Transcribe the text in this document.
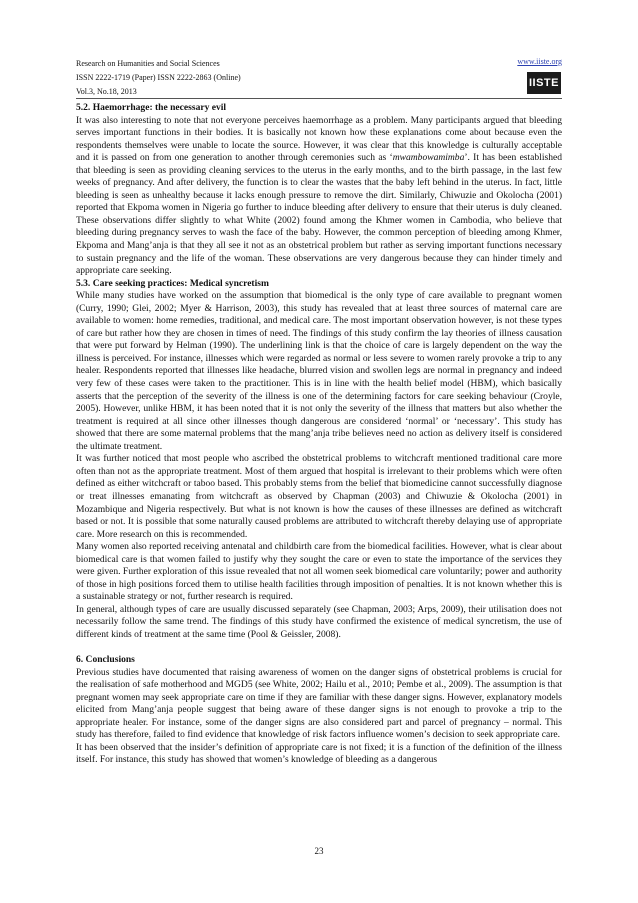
Research on Humanities and Social Sciences
ISSN 2222-1719 (Paper) ISSN 2222-2863 (Online)
Vol.3, No.18, 2013
www.iiste.org
IISTE
5.2. Haemorrhage: the necessary evil

It was also interesting to note that not everyone perceives haemorrhage as a problem. Many participants argued that bleeding serves important functions in their bodies. It is basically not known how these explanations come about because even the respondents themselves were unable to locate the source. However, it was clear that this knowledge is culturally acceptable and it is passed on from one generation to another through ceremonies such as ‘mwambowamimba’. It has been established that bleeding is seen as providing cleaning services to the uterus in the early months, and to the birth passage, in the last few weeks of pregnancy. And after delivery, the function is to clear the wastes that the baby left behind in the uterus. In fact, little bleeding is seen as unhealthy because it lacks enough pressure to remove the dirt. Similarly, Chiwuzie and Okolocha (2001) reported that Ekpoma women in Nigeria go further to induce bleeding after delivery to ensure that their uterus is duly cleaned. These observations differ slightly to what White (2002) found among the Khmer women in Cambodia, who believe that bleeding during pregnancy serves to wash the face of the baby. However, the common perception of bleeding among Khmer, Ekpoma and Mang’anja is that they all see it not as an obstetrical problem but rather as serving important functions necessary to sustain pregnancy and the life of the woman. These observations are very dangerous because they can hinder timely and appropriate care seeking.

5.3. Care seeking practices: Medical syncretism

While many studies have worked on the assumption that biomedical is the only type of care available to pregnant women (Curry, 1990; Glei, 2002; Myer & Harrison, 2003), this study has revealed that at least three sources of maternal care are available to women: home remedies, traditional, and medical care. The most important observation however, is not these types of care but rather how they are chosen in times of need. The findings of this study confirm the lay theories of illness causation that were put forward by Helman (1990). The underlining link is that the choice of care is largely dependent on the way the illness is perceived. For instance, illnesses which were regarded as normal or less severe to women rarely provoke a trip to any healer. Respondents reported that illnesses like headache, blurred vision and swollen legs are normal in pregnancy and indeed very few of these cases were taken to the practitioner. This is in line with the health belief model (HBM), which basically asserts that the perception of the severity of the illness is one of the determining factors for care seeking behaviour (Croyle, 2005). However, unlike HBM, it has been noted that it is not only the severity of the illness that matters but also whether the treatment is required at all since other illnesses though dangerous are considered ‘normal’ or ‘necessary’. This study has showed that there are some maternal problems that the mang’anja tribe believes need no action as delivery itself is considered the ultimate treatment.

It was further noticed that most people who ascribed the obstetrical problems to witchcraft mentioned traditional care more often than not as the appropriate treatment. Most of them argued that hospital is irrelevant to their problems which were often defined as either witchcraft or taboo based. This probably stems from the belief that biomedicine cannot successfully diagnose or treat illnesses emanating from witchcraft as observed by Chapman (2003) and Chiwuzie & Okolocha (2001) in Mozambique and Nigeria respectively. But what is not known is how the causes of these illnesses are defined as witchcraft based or not. It is possible that some naturally caused problems are attributed to witchcraft thereby delaying use of appropriate care. More research on this is recommended.

Many women also reported receiving antenatal and childbirth care from the biomedical facilities. However, what is clear about biomedical care is that women failed to justify why they sought the care or even to state the importance of the services they were given. Further exploration of this issue revealed that not all women seek biomedical care voluntarily; power and authority of those in high positions forced them to utilise health facilities through imposition of penalties. It is not known whether this is a sustainable strategy or not, further research is required.

In general, although types of care are usually discussed separately (see Chapman, 2003; Arps, 2009), their utilisation does not necessarily follow the same trend. The findings of this study have confirmed the existence of medical syncretism, the use of different kinds of treatment at the same time (Pool & Geissler, 2008).

6. Conclusions

Previous studies have documented that raising awareness of women on the danger signs of obstetrical problems is crucial for the realisation of safe motherhood and MGD5 (see White, 2002; Hailu et al., 2010; Pembe et al., 2009). The assumption is that pregnant women may seek appropriate care on time if they are familiar with these danger signs. However, explanatory models elicited from Mang’anja people suggest that being aware of these danger signs is not enough to provoke a trip to the appropriate healer. For instance, some of the danger signs are also considered part and parcel of pregnancy – normal. This study has therefore, failed to find evidence that knowledge of risk factors influence women’s decision to seek appropriate care.

It has been observed that the insider’s definition of appropriate care is not fixed; it is a function of the definition of the illness itself. For instance, this study has showed that women’s knowledge of bleeding as a dangerous

23
